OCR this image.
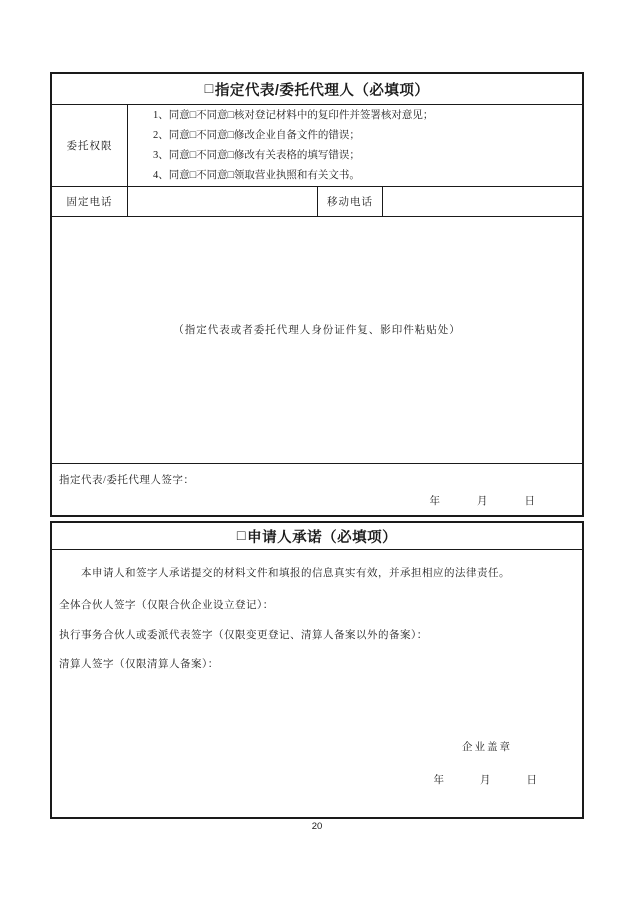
□ 指定代表/委托代理人（必填项）
委托权限
1、同意□不同意□核对登记材料中的复印件并签署核对意见；
2、同意□不同意□修改企业自备文件的错误；
3、同意□不同意□修改有关表格的填写错误；
4、同意□不同意□领取营业执照和有关文书。
固定电话	移动电话
（指定代表或者委托代理人身份证件复、影印件粘贴处）
指定代表/委托代理人签字：
年	月	日
□ 申请人承诺（必填项）
本申请人和签字人承诺提交的材料文件和填报的信息真实有效，并承担相应的法律责任。
全体合伙人签字（仅限合伙企业设立登记）：
执行事务合伙人或委派代表签字（仅限变更登记、清算人备案以外的备案）：
清算人签字（仅限清算人备案）：
企业盖章
年	月	日
20
